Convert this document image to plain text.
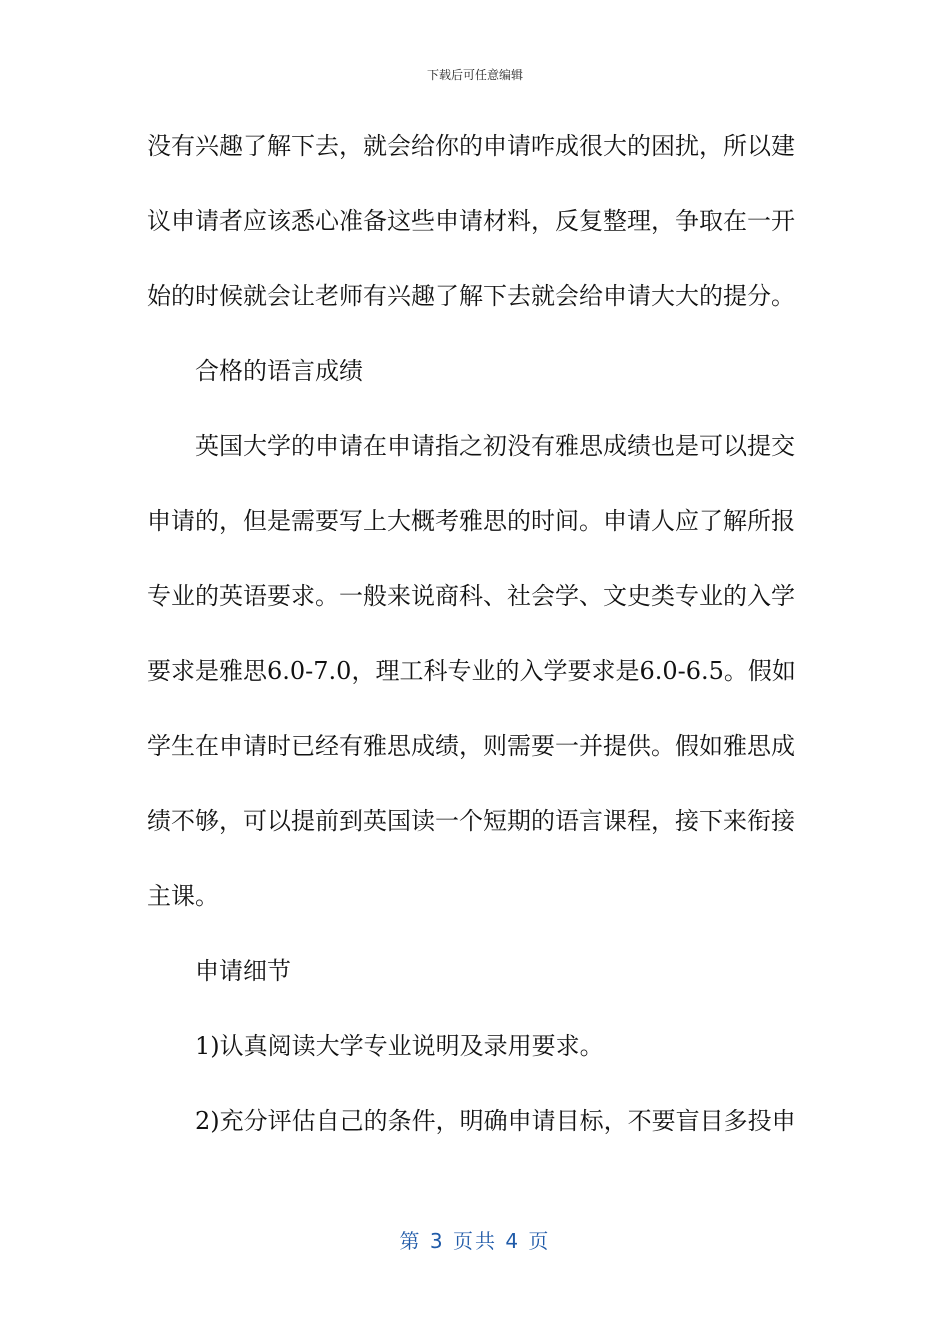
下载后可任意编辑
没有兴趣了解下去，就会给你的申请咋成很大的困扰，所以建
议申请者应该悉心准备这些申请材料，反复整理，争取在一开
始的时候就会让老师有兴趣了解下去就会给申请大大的提分。
合格的语言成绩
英国大学的申请在申请指之初没有雅思成绩也是可以提交
申请的，但是需要写上大概考雅思的时间。申请人应了解所报
专业的英语要求。一般来说商科、社会学、文史类专业的入学
要求是雅思6.0-7.0，理工科专业的入学要求是6.0-6.5。假如
学生在申请时已经有雅思成绩，则需要一并提供。假如雅思成
绩不够，可以提前到英国读一个短期的语言课程，接下来衔接
主课。
申请细节
1)认真阅读大学专业说明及录用要求。
2)充分评估自己的条件，明确申请目标，不要盲目多投申
第 3 页共 4 页
